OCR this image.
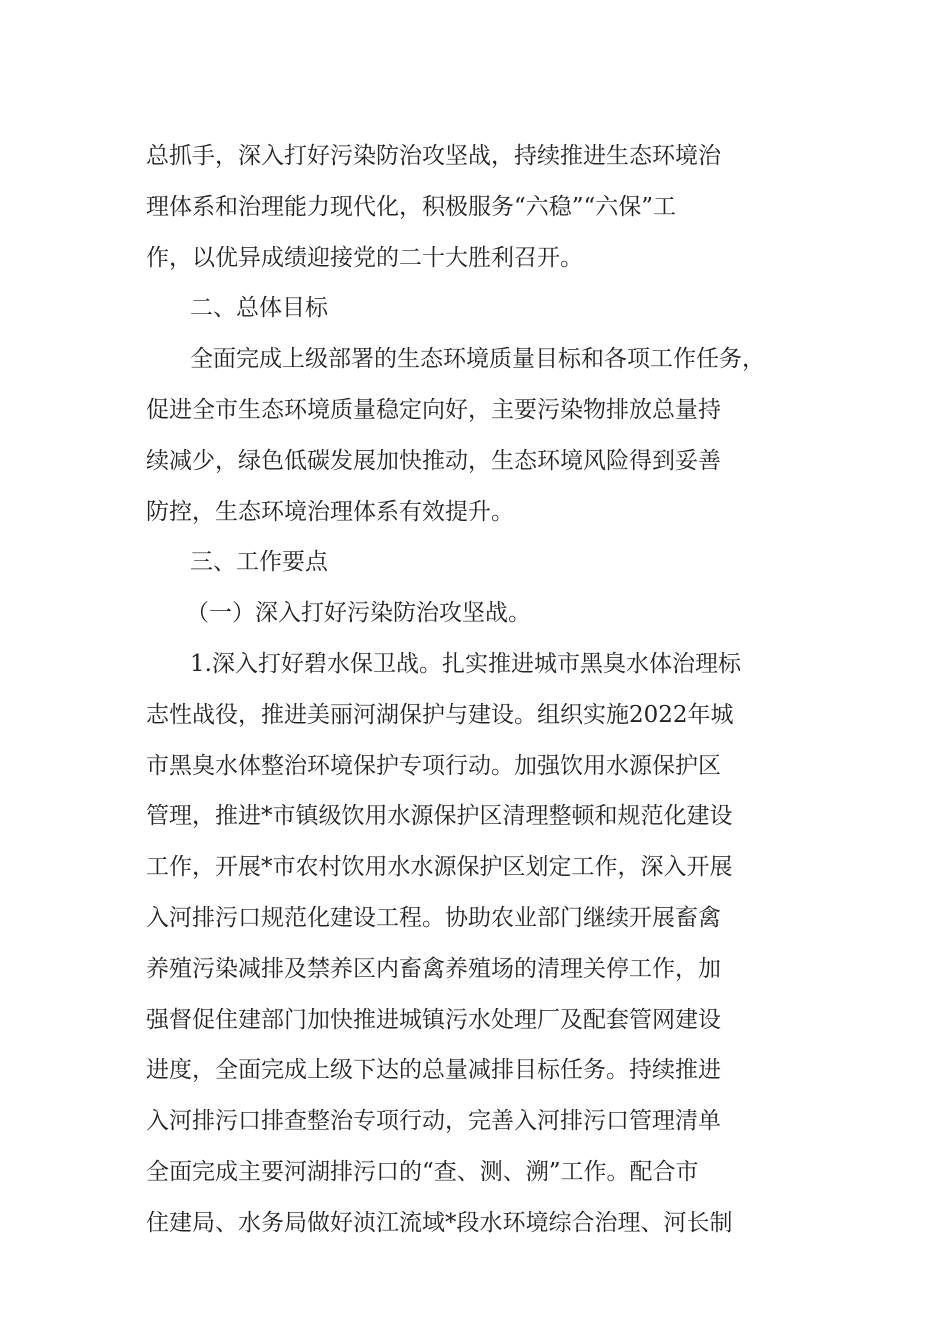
总抓手，深入打好污染防治攻坚战，持续推进生态环境治
理体系和治理能力现代化，积极服务“六稳”“六保”工
作，以优异成绩迎接党的二十大胜利召开。
二、总体目标
全面完成上级部署的生态环境质量目标和各项工作任务，
促进全市生态环境质量稳定向好，主要污染物排放总量持
续减少，绿色低碳发展加快推动，生态环境风险得到妥善
防控，生态环境治理体系有效提升。
三、工作要点
（一）深入打好污染防治攻坚战。
1.深入打好碧水保卫战。扎实推进城市黑臭水体治理标
志性战役，推进美丽河湖保护与建设。组织实施2022年城
市黑臭水体整治环境保护专项行动。加强饮用水源保护区
管理，推进*市镇级饮用水源保护区清理整顿和规范化建设
工作，开展*市农村饮用水水源保护区划定工作，深入开展
入河排污口规范化建设工程。协助农业部门继续开展畜禽
养殖污染减排及禁养区内畜禽养殖场的清理关停工作，加
强督促住建部门加快推进城镇污水处理厂及配套管网建设
进度，全面完成上级下达的总量减排目标任务。持续推进
入河排污口排查整治专项行动，完善入河排污口管理清单
全面完成主要河湖排污口的“查、测、溯”工作。配合市
住建局、水务局做好浈江流域*段水环境综合治理、河长制
